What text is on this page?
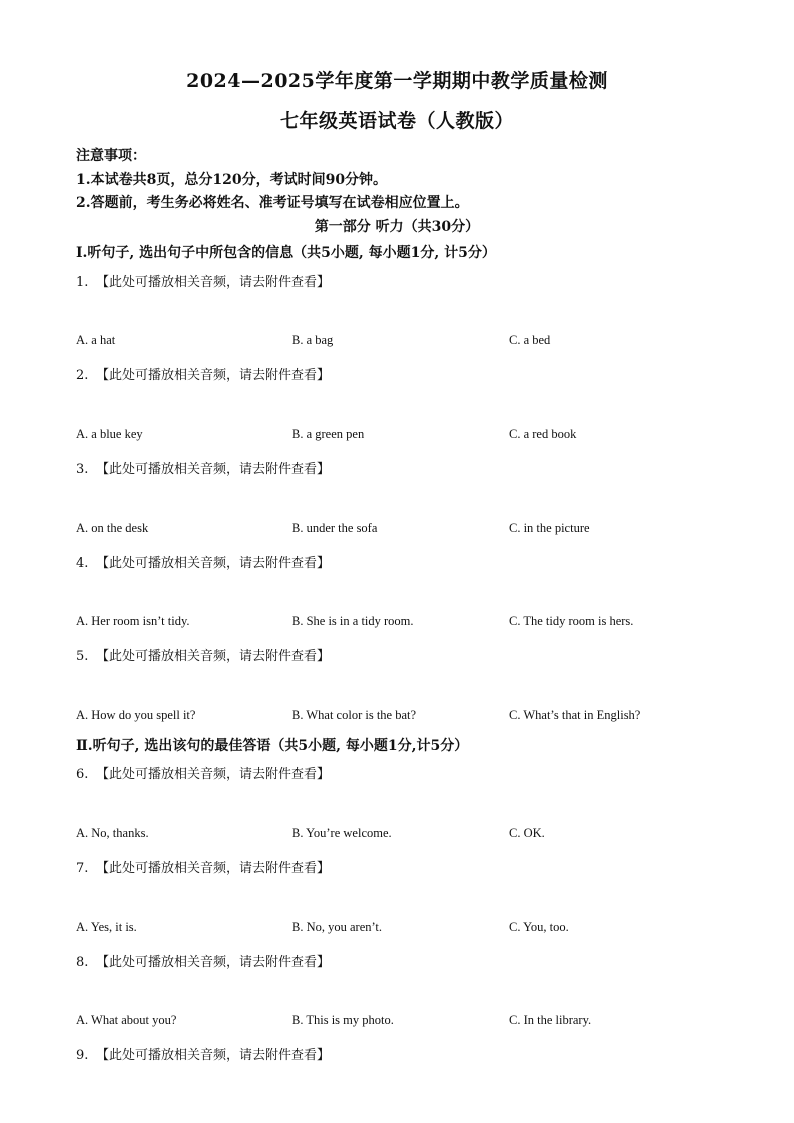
2024—2025学年度第一学期期中教学质量检测
七年级英语试卷（人教版）
注意事项：
1.本试卷共8页，总分120分，考试时间90分钟。
2.答题前，考生务必将姓名、准考证号填写在试卷相应位置上。
第一部分 听力（共30分）
I.听句子, 选出句子中所包含的信息（共5小题, 每小题1分, 计5分）
1. 【此处可播放相关音频，请去附件查看】
A. a hat	B. a bag	C. a bed
2. 【此处可播放相关音频，请去附件查看】
A. a blue key	B. a green pen	C. a red book
3. 【此处可播放相关音频，请去附件查看】
A. on the desk	B. under the sofa	C. in the picture
4. 【此处可播放相关音频，请去附件查看】
A. Her room isn’t tidy.	B. She is in a tidy room.	C. The tidy room is hers.
5. 【此处可播放相关音频，请去附件查看】
A. How do you spell it?	B. What color is the bat?	C. What’s that in English?
Ⅱ.听句子, 选出该句的最佳答语（共5小题, 每小题1分,计5分）
6. 【此处可播放相关音频，请去附件查看】
A. No, thanks.	B. You’re welcome.	C. OK.
7. 【此处可播放相关音频，请去附件查看】
A. Yes, it is.	B. No, you aren’t.	C. You, too.
8. 【此处可播放相关音频，请去附件查看】
A. What about you?	B. This is my photo.	C. In the library.
9. 【此处可播放相关音频，请去附件查看】
